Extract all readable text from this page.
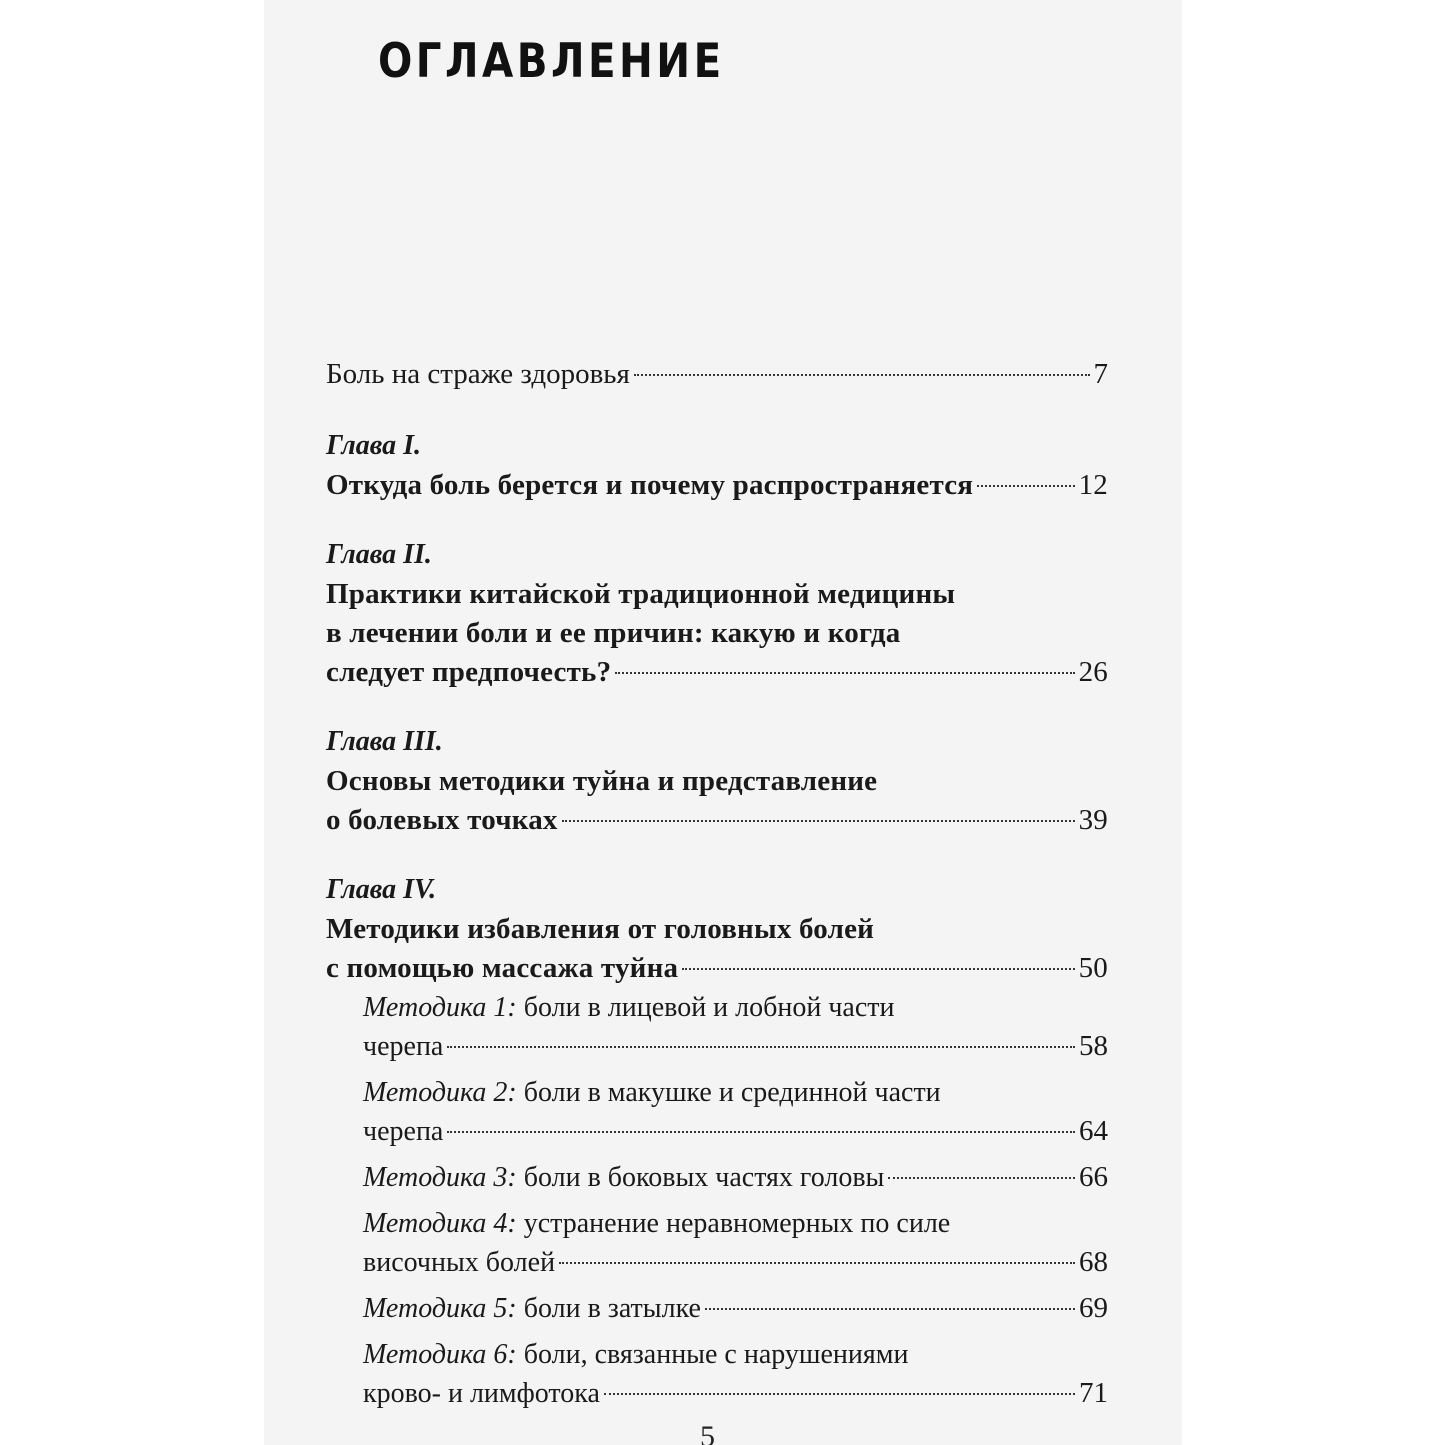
ОГЛАВЛЕНИЕ
Боль на страже здоровья	7
Глава I.
Откуда боль берется и почему распространяется	12
Глава II.
Практики китайской традиционной медицины
в лечении боли и ее причин: какую и когда
следует предпочесть?	26
Глава III.
Основы методики туйна и представление
о болевых точках	39
Глава IV.
Методики избавления от головных болей
с помощью массажа туйна	50
Методика 1: боли в лицевой и лобной части
черепа	58
Методика 2: боли в макушке и срединной части
черепа	64
Методика 3: боли в боковых частях головы	66
Методика 4: устранение неравномерных по силе
височных болей	68
Методика 5: боли в затылке	69
Методика 6: боли, связанные с нарушениями
крово- и лимфотока	71
5
